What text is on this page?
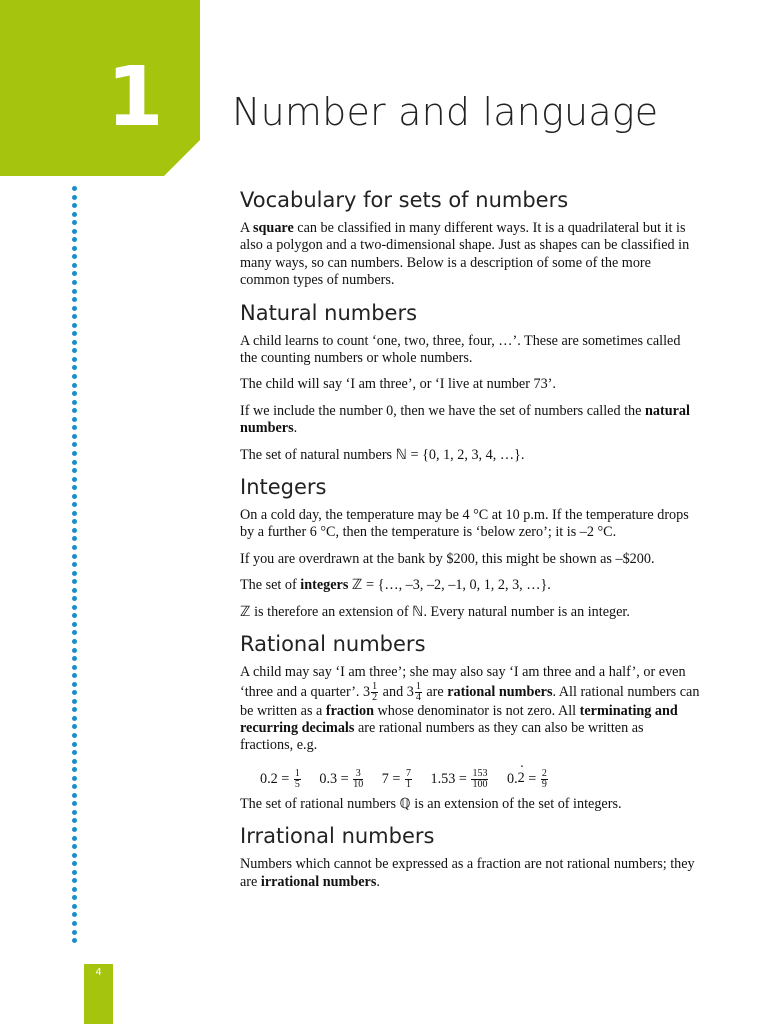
1	Number and language
Vocabulary for sets of numbers

A square can be classified in many different ways. It is a quadrilateral but it is also a polygon and a two-dimensional shape. Just as shapes can be classified in many ways, so can numbers. Below is a description of some of the more common types of numbers.

Natural numbers

A child learns to count ‘one, two, three, four, …’. These are sometimes called the counting numbers or whole numbers.

The child will say ‘I am three’, or ‘I live at number 73’.

If we include the number 0, then we have the set of numbers called the natural numbers.

The set of natural numbers ℕ = {0, 1, 2, 3, 4, …}.

Integers

On a cold day, the temperature may be 4 °C at 10 p.m. If the temperature drops by a further 6 °C, then the temperature is ‘below zero’; it is –2 °C.

If you are overdrawn at the bank by $200, this might be shown as –$200.

The set of integers ℤ = {…, –3, –2, –1, 0, 1, 2, 3, …}.

ℤ is therefore an extension of ℕ. Every natural number is an integer.

Rational numbers

A child may say ‘I am three’; she may also say ‘I am three and a half’, or even ‘three and a quarter’. $3 \frac{1}{2}$ and $3 \frac{1}{4}$ are rational numbers. All rational numbers can be written as a fraction whose denominator is not zero. All terminating and recurring decimals are rational numbers as they can also be written as fractions, e.g.

$0.2 = \frac{1}{5} 0.3 = \frac{3}{10} 7 = \frac{7}{1} 1.53 = \frac{153}{100} 0.2$ · = $\frac{2}{9}$

The set of rational numbers ℚ is an extension of the set of integers.

Irrational numbers

Numbers which cannot be expressed as a fraction are not rational numbers; they are irrational numbers.

4
